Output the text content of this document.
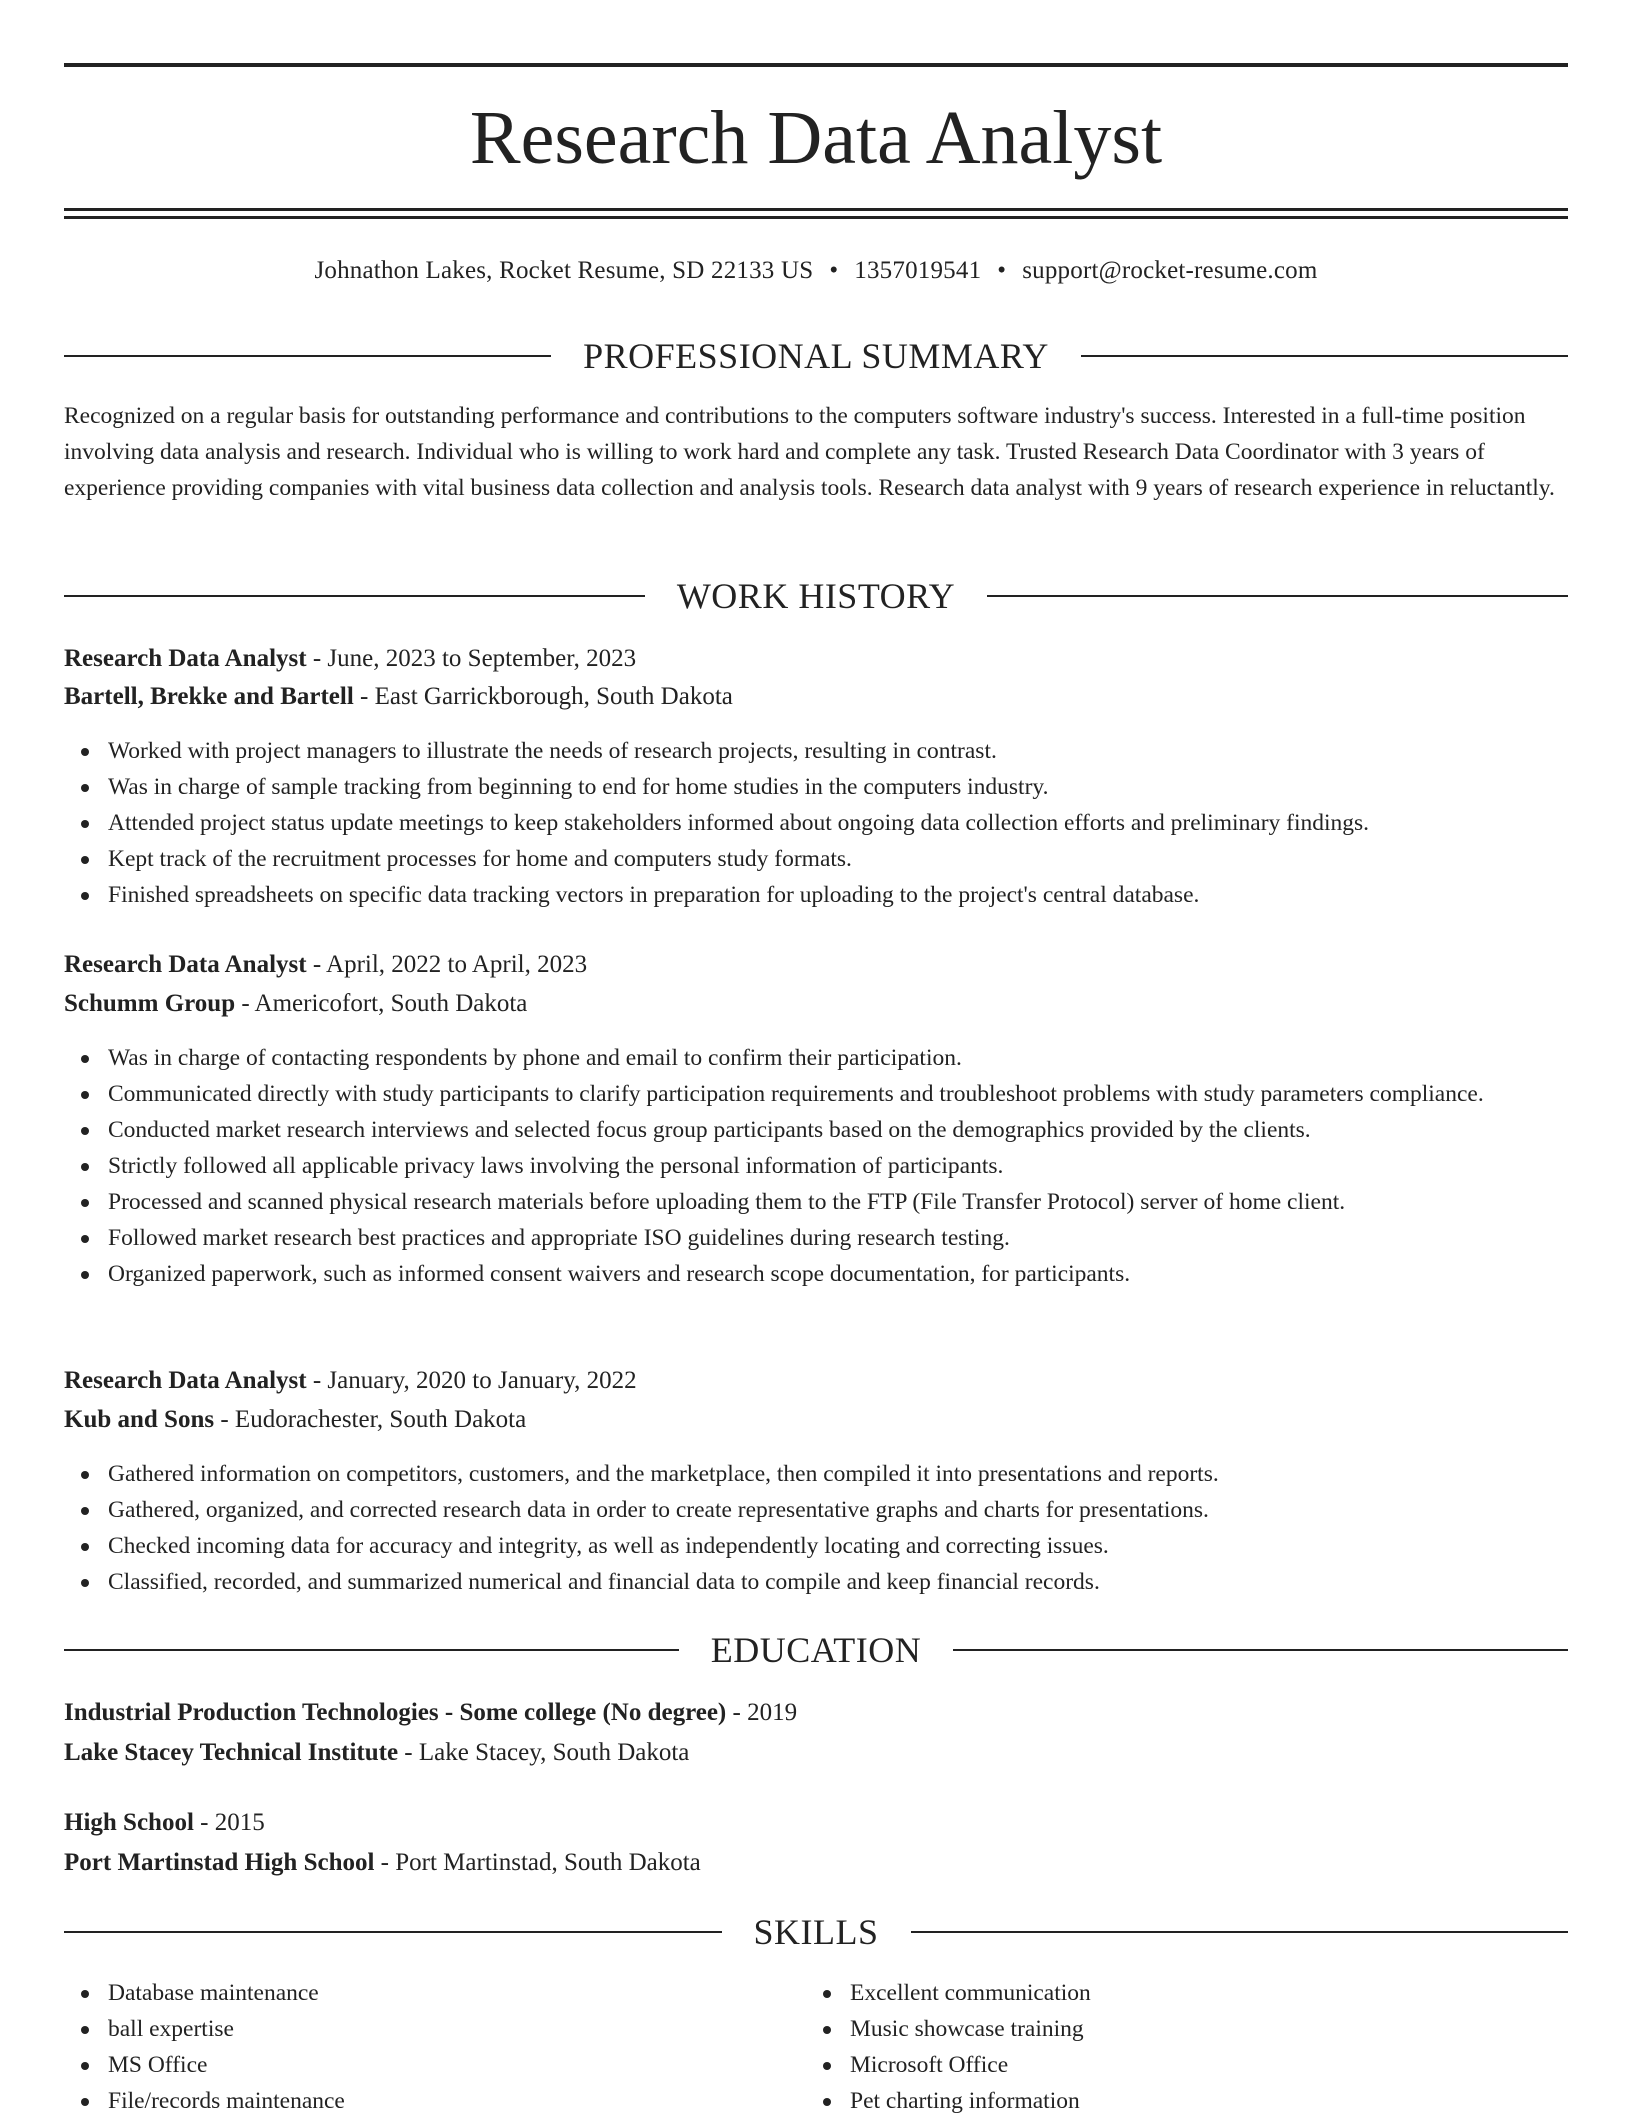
Research Data Analyst
Johnathon Lakes, Rocket Resume, SD 22133 US • 1357019541 • support@rocket-resume.com
PROFESSIONAL SUMMARY

Recognized on a regular basis for outstanding performance and contributions to the computers software industry's success. Interested in a full-time position involving data analysis and research. Individual who is willing to work hard and complete any task. Trusted Research Data Coordinator with 3 years of experience providing companies with vital business data collection and analysis tools. Research data analyst with 9 years of research experience in reluctantly.

WORK HISTORY
Research Data Analyst - June, 2023 to September, 2023
Bartell, Brekke and Bartell - East Garrickborough, South Dakota
Worked with project managers to illustrate the needs of research projects, resulting in contrast.
Was in charge of sample tracking from beginning to end for home studies in the computers industry.
Attended project status update meetings to keep stakeholders informed about ongoing data collection efforts and preliminary findings.
Kept track of the recruitment processes for home and computers study formats.
Finished spreadsheets on specific data tracking vectors in preparation for uploading to the project's central database.
Research Data Analyst - April, 2022 to April, 2023
Schumm Group - Americofort, South Dakota
Was in charge of contacting respondents by phone and email to confirm their participation.
Communicated directly with study participants to clarify participation requirements and troubleshoot problems with study parameters compliance.
Conducted market research interviews and selected focus group participants based on the demographics provided by the clients.
Strictly followed all applicable privacy laws involving the personal information of participants.
Processed and scanned physical research materials before uploading them to the FTP (File Transfer Protocol) server of home client.
Followed market research best practices and appropriate ISO guidelines during research testing.
Organized paperwork, such as informed consent waivers and research scope documentation, for participants.
Research Data Analyst - January, 2020 to January, 2022
Kub and Sons - Eudorachester, South Dakota
Gathered information on competitors, customers, and the marketplace, then compiled it into presentations and reports.
Gathered, organized, and corrected research data in order to create representative graphs and charts for presentations.
Checked incoming data for accuracy and integrity, as well as independently locating and correcting issues.
Classified, recorded, and summarized numerical and financial data to compile and keep financial records.
EDUCATION
Industrial Production Technologies - Some college (No degree) - 2019
Lake Stacey Technical Institute - Lake Stacey, South Dakota
High School - 2015
Port Martinstad High School - Port Martinstad, South Dakota
SKILLS
Database maintenance
ball expertise
MS Office
File/records maintenance
Excellent communication
Music showcase training
Microsoft Office
Pet charting information
